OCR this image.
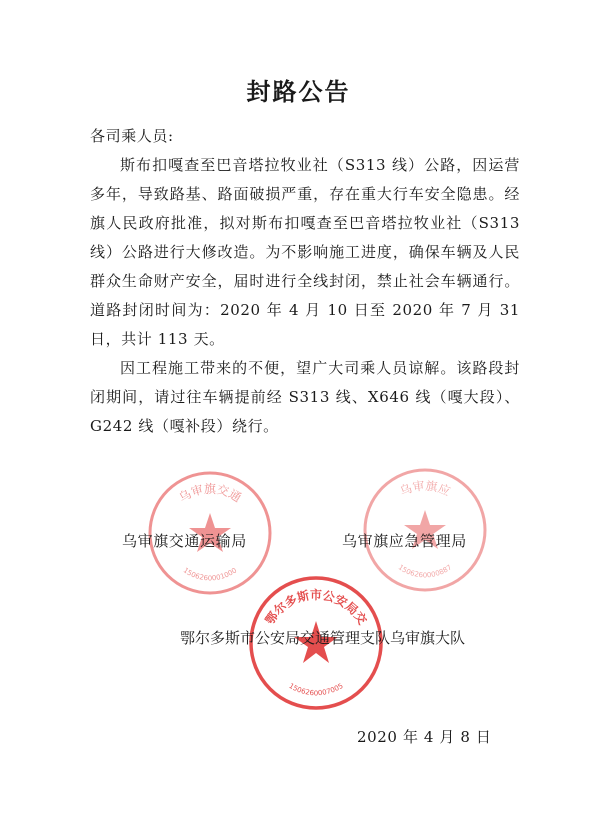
封路公告

各司乘人员:

斯布扣嘎查至巴音塔拉牧业社（S313 线）公路，因运营多年，导致路基、路面破损严重，存在重大行车安全隐患。经旗人民政府批准，拟对斯布扣嘎查至巴音塔拉牧业社（S313 线）公路进行大修改造。为不影响施工进度，确保车辆及人民群众生命财产安全，届时进行全线封闭，禁止社会车辆通行。道路封闭时间为：2020 年 4 月 10 日至 2020 年 7 月 31 日，共计 113 天。

因工程施工带来的不便，望广大司乘人员谅解。该路段封闭期间，请过往车辆提前经 S313 线、X646 线（嘎大段）、G242 线（嘎补段）绕行。

乌审旗交通
1506260001000
乌审旗应
1506260000887
鄂尔多斯市公安局交
1506260007005
乌审旗交通运输局	乌审旗应急管理局
鄂尔多斯市公安局交通管理支队乌审旗大队
2020 年 4 月 8 日
